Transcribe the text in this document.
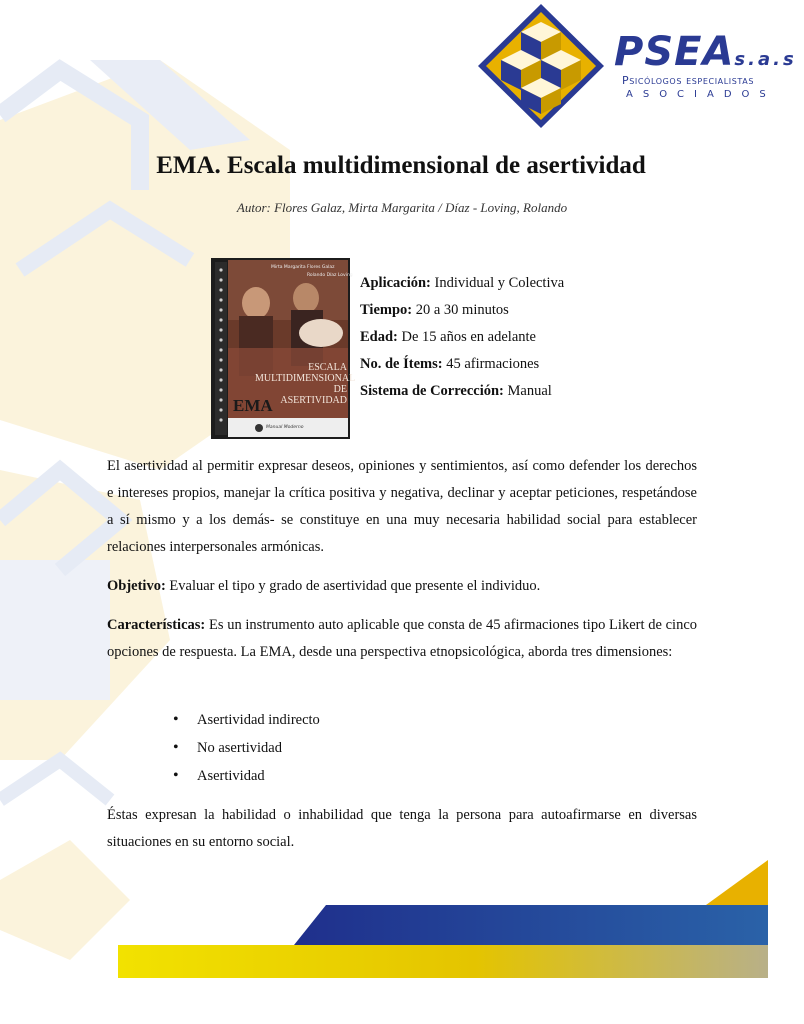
PSEAs.a.s
Psicólogos especialistas
ASOCIADOS
EMA. Escala multidimensional de asertividad
Autor: Flores Galaz, Mirta Margarita / Díaz - Loving, Rolando
Mirta Margarita Flores Galaz
Rolando Díaz Loving
ESCALA
MULTIDIMENSIONAL
DE
ASERTIVIDAD
EMA
Manual Moderno
Aplicación: Individual y Colectiva
Tiempo: 20 a 30 minutos
Edad: De 15 años en adelante
No. de Ítems: 45 afirmaciones
Sistema de Corrección: Manual

El asertividad al permitir expresar deseos, opiniones y sentimientos, así como defender los derechos e intereses propios, manejar la crítica positiva y negativa, declinar y aceptar peticiones, respetándose a sí mismo y a los demás- se constituye en una muy necesaria habilidad social para establecer relaciones interpersonales armónicas.

Objetivo: Evaluar el tipo y grado de asertividad que presente el individuo.

Características: Es un instrumento auto aplicable que consta de 45 afirmaciones tipo Likert de cinco opciones de respuesta. La EMA, desde una perspectiva etnopsicológica, aborda tres dimensiones:

• Asertividad indirecto
• No asertividad
• Asertividad

Éstas expresan la habilidad o inhabilidad que tenga la persona para autoafirmarse en diversas situaciones en su entorno social.
